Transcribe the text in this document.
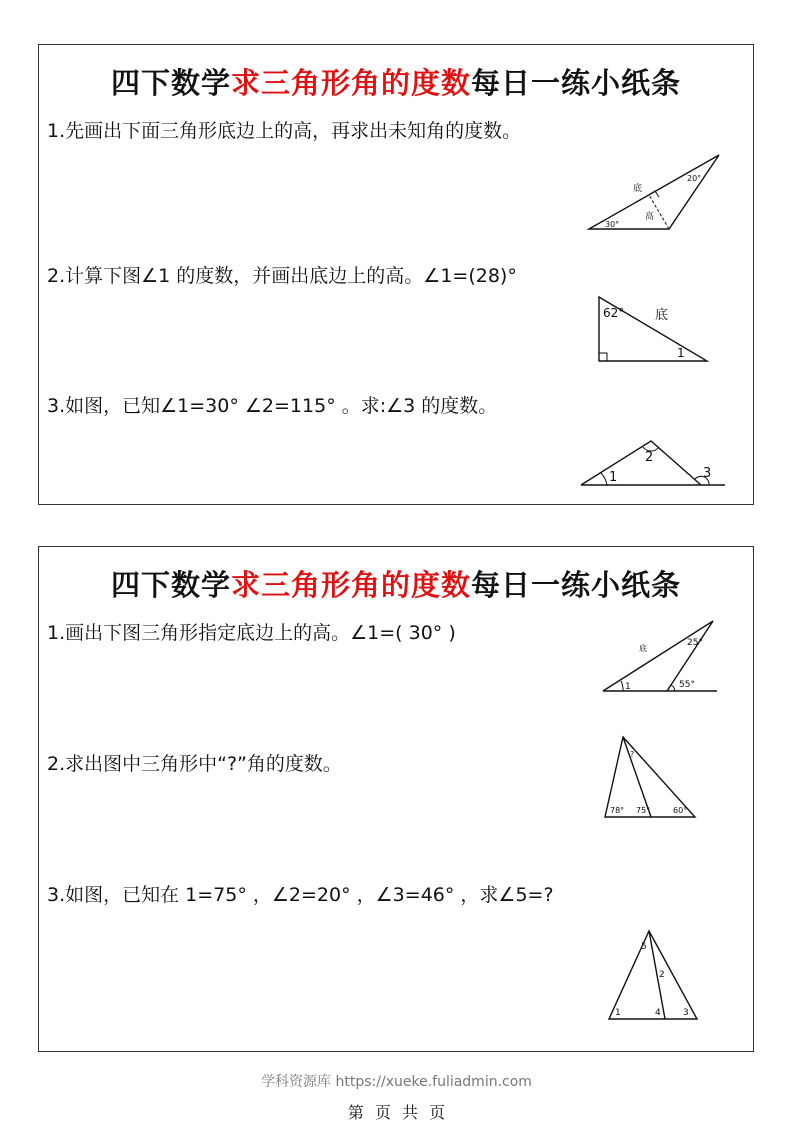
四下数学求三角形角的度数每日一练小纸条
1.先画出下面三角形底边上的高，再求出未知角的度数。
底
高
30°
20°
2.计算下图∠1 的度数，并画出底边上的高。∠1=(28)°
62° 底
1
3.如图，已知∠1=30° ∠2=115° 。求:∠3 的度数。
1
2
3
四下数学求三角形角的度数每日一练小纸条
1.画出下图三角形指定底边上的高。∠1=( 30° )
底
25°
55°
1
2.求出图中三角形中“?”角的度数。	?
78° 75°	60°
3.如图，已知在 1=75° ，∠2=20° ，∠3=46° ，求∠5=?
5
2
1	4 3
学科资源库 https://xueke.fuliadmin.com
第 页 共 页
